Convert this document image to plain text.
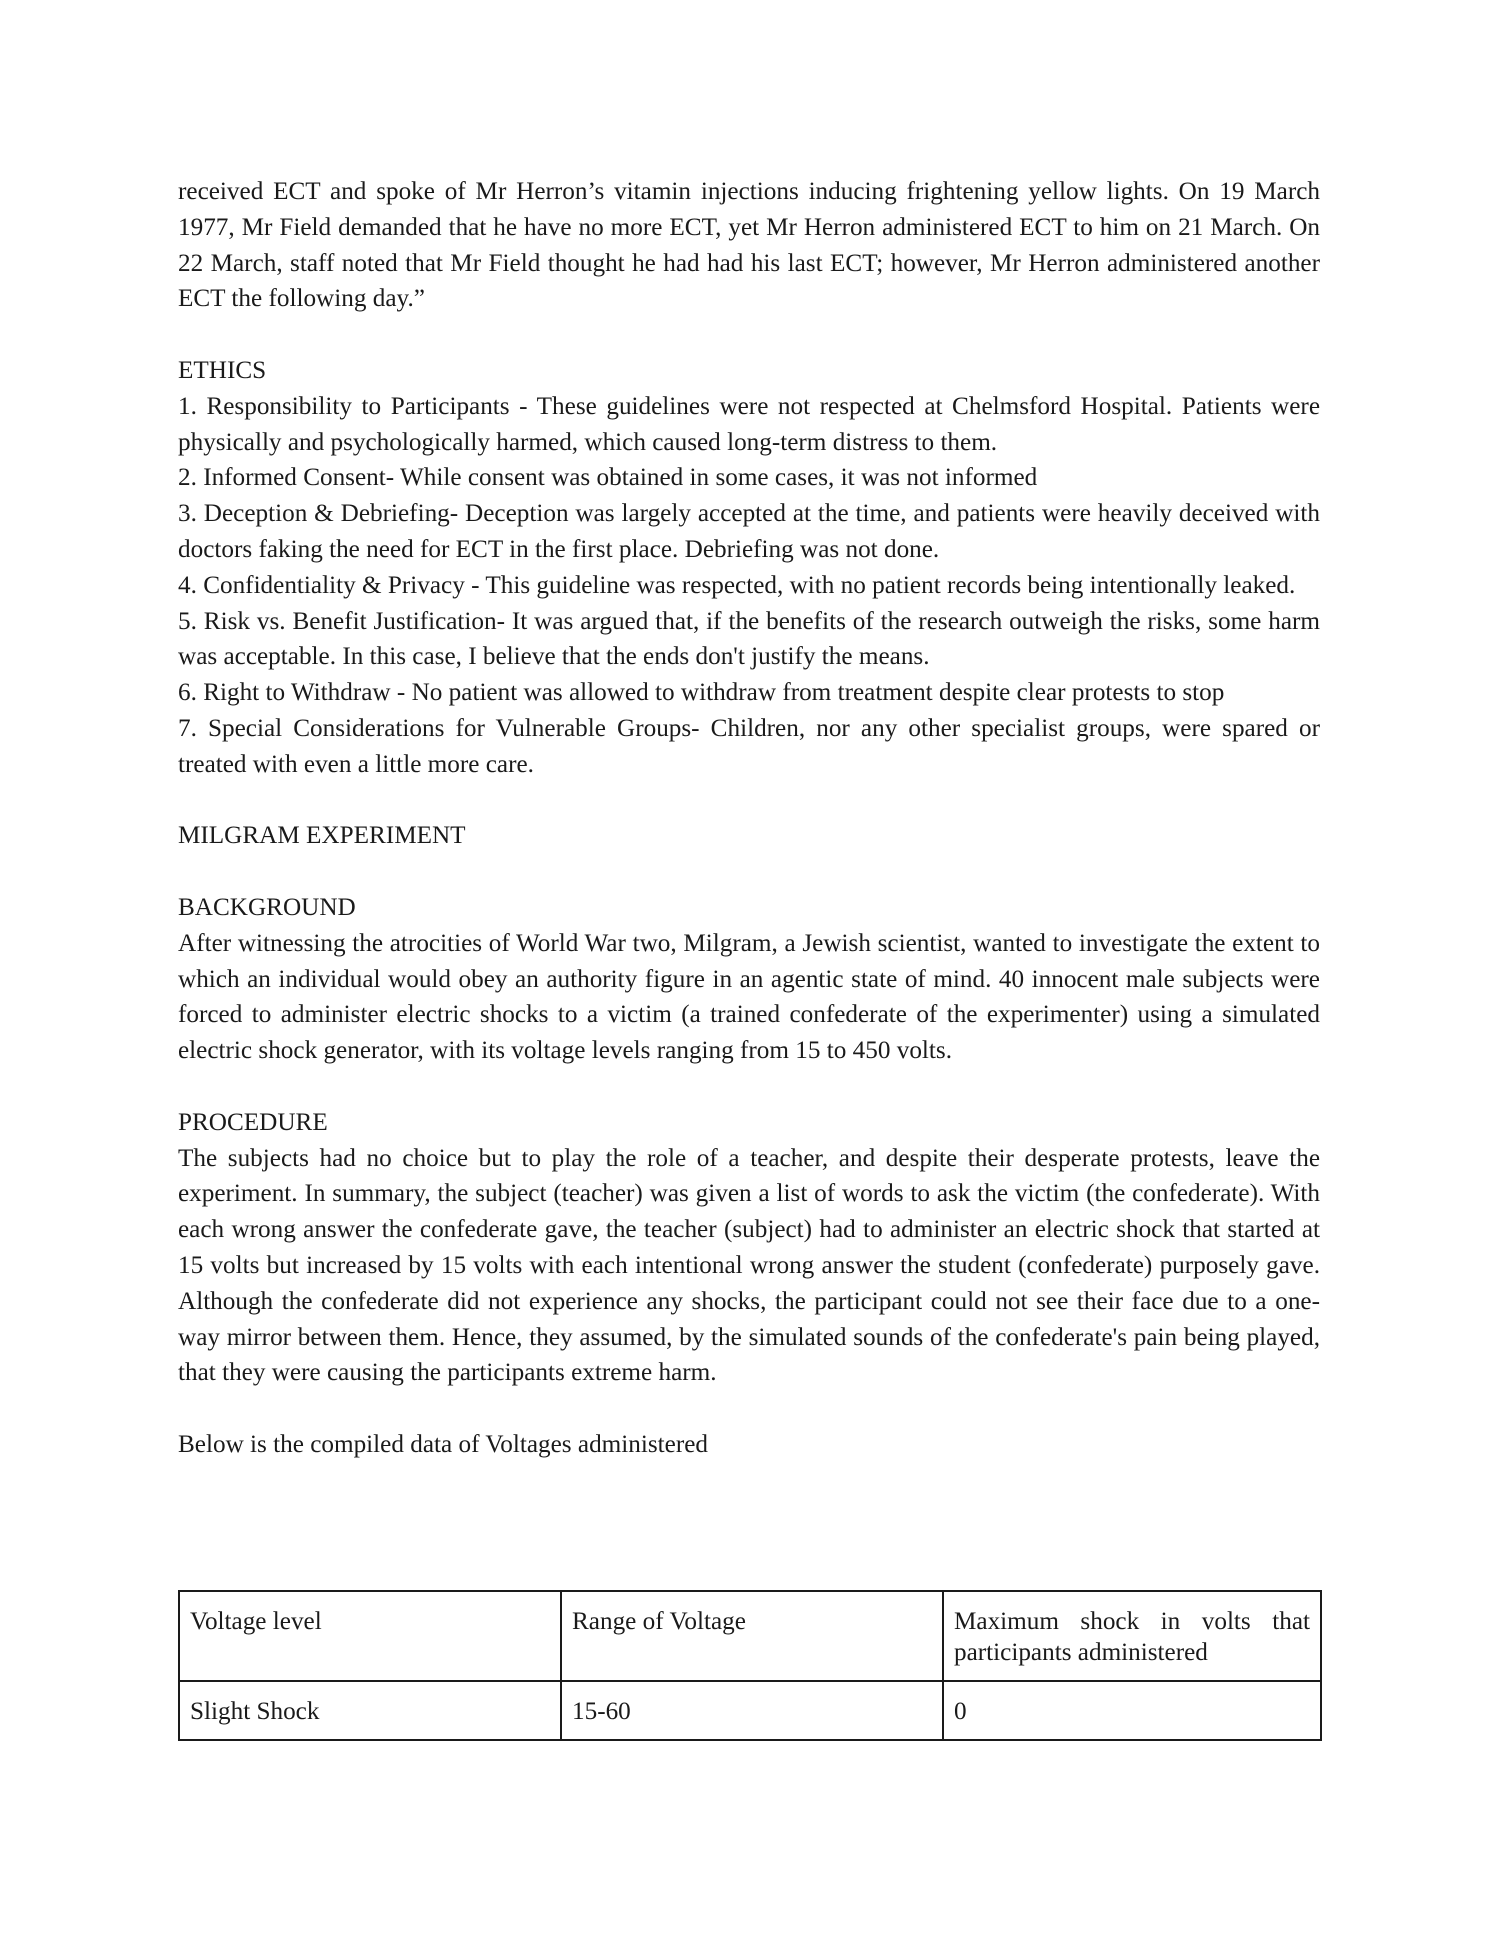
received ECT and spoke of Mr Herron’s vitamin injections inducing frightening yellow lights. On 19 March 1977, Mr Field demanded that he have no more ECT, yet Mr Herron administered ECT to him on 21 March. On 22 March, staff noted that Mr Field thought he had had his last ECT; however, Mr Herron administered another ECT the following day.”

ETHICS

1. Responsibility to Participants - These guidelines were not respected at Chelmsford Hospital. Patients were physically and psychologically harmed, which caused long-term distress to them.

2. Informed Consent- While consent was obtained in some cases, it was not informed

3. Deception & Debriefing- Deception was largely accepted at the time, and patients were heavily deceived with doctors faking the need for ECT in the first place. Debriefing was not done.

4. Confidentiality & Privacy - This guideline was respected, with no patient records being intentionally leaked.

5. Risk vs. Benefit Justification- It was argued that, if the benefits of the research outweigh the risks, some harm was acceptable. In this case, I believe that the ends don't justify the means.

6. Right to Withdraw - No patient was allowed to withdraw from treatment despite clear protests to stop

7. Special Considerations for Vulnerable Groups- Children, nor any other specialist groups, were spared or treated with even a little more care.

MILGRAM EXPERIMENT

BACKGROUND

After witnessing the atrocities of World War two, Milgram, a Jewish scientist, wanted to investigate the extent to which an individual would obey an authority figure in an agentic state of mind. 40 innocent male subjects were forced to administer electric shocks to a victim (a trained confederate of the experimenter) using a simulated electric shock generator, with its voltage levels ranging from 15 to 450 volts.

PROCEDURE

The subjects had no choice but to play the role of a teacher, and despite their desperate protests, leave the experiment. In summary, the subject (teacher) was given a list of words to ask the victim (the confederate). With each wrong answer the confederate gave, the teacher (subject) had to administer an electric shock that started at 15 volts but increased by 15 volts with each intentional wrong answer the student (confederate) purposely gave. Although the confederate did not experience any shocks, the participant could not see their face due to a one-way mirror between them. Hence, they assumed, by the simulated sounds of the confederate's pain being played, that they were causing the participants extreme harm.

Below is the compiled data of Voltages administered

Voltage level	Range of Voltage	Maximum shock in volts that participants administered
Slight Shock	15-60	0
